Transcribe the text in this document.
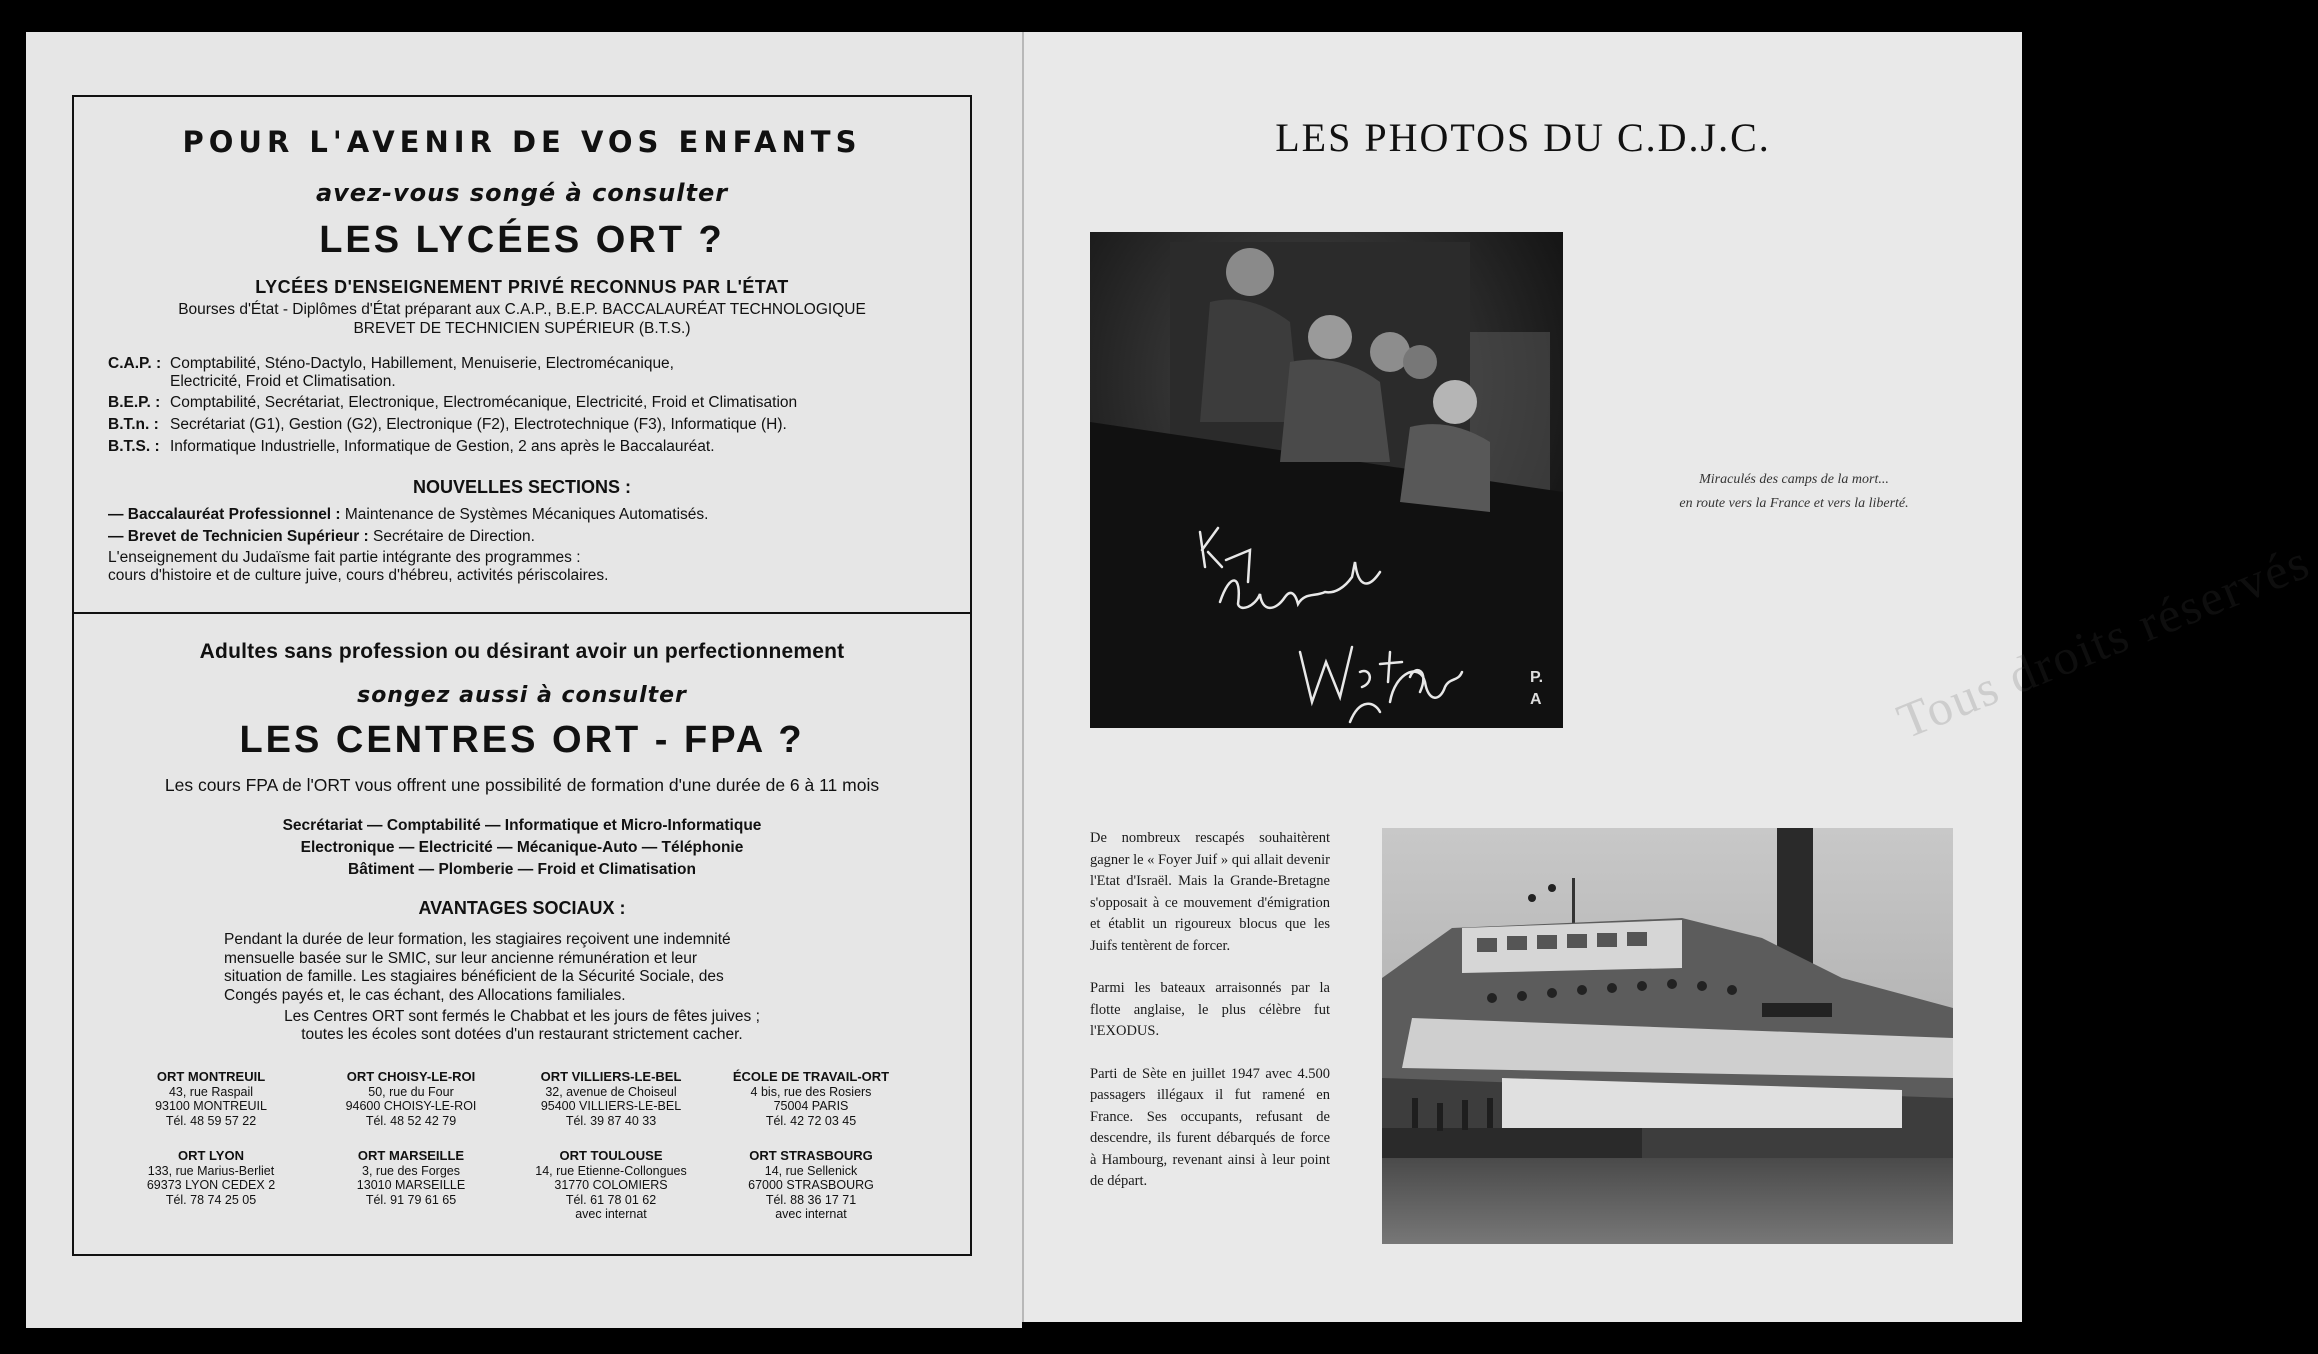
POUR L'AVENIR DE VOS ENFANTS
avez-vous songé à consulter
LES LYCÉES ORT ?
LYCÉES D'ENSEIGNEMENT PRIVÉ RECONNUS PAR L'ÉTAT
Bourses d'État - Diplômes d'État préparant aux C.A.P., B.E.P. BACCALAURÉAT TECHNOLOGIQUE
BREVET DE TECHNICIEN SUPÉRIEUR (B.T.S.)
C.A.P. : Comptabilité, Sténo-Dactylo, Habillement, Menuiserie, Electromécanique,
Electricité, Froid et Climatisation.
B.E.P. : Comptabilité, Secrétariat, Electronique, Electromécanique, Electricité, Froid et Climatisation
B.T.n. : Secrétariat (G1), Gestion (G2), Electronique (F2), Electrotechnique (F3), Informatique (H).
B.T.S. : Informatique Industrielle, Informatique de Gestion, 2 ans après le Baccalauréat.
NOUVELLES SECTIONS :
— Baccalauréat Professionnel : Maintenance de Systèmes Mécaniques Automatisés.
— Brevet de Technicien Supérieur : Secrétaire de Direction.
L'enseignement du Judaïsme fait partie intégrante des programmes :
cours d'histoire et de culture juive, cours d'hébreu, activités périscolaires.
Adultes sans profession ou désirant avoir un perfectionnement
songez aussi à consulter
LES CENTRES ORT - FPA ?
Les cours FPA de l'ORT vous offrent une possibilité de formation d'une durée de 6 à 11 mois
Secrétariat — Comptabilité — Informatique et Micro-Informatique
Electronique — Electricité — Mécanique-Auto — Téléphonie
Bâtiment — Plomberie — Froid et Climatisation
AVANTAGES SOCIAUX :
Pendant la durée de leur formation, les stagiaires reçoivent une indemnité
mensuelle basée sur le SMIC, sur leur ancienne rémunération et leur
situation de famille. Les stagiaires bénéficient de la Sécurité Sociale, des
Congés payés et, le cas échant, des Allocations familiales.
Les Centres ORT sont fermés le Chabbat et les jours de fêtes juives ;
toutes les écoles sont dotées d'un restaurant strictement cacher.
ORT MONTREUIL
43, rue Raspail
93100 MONTREUIL
Tél. 48 59 57 22
ORT CHOISY-LE-ROI
50, rue du Four
94600 CHOISY-LE-ROI
Tél. 48 52 42 79
ORT VILLIERS-LE-BEL
32, avenue de Choiseul
95400 VILLIERS-LE-BEL
Tél. 39 87 40 33
ÉCOLE DE TRAVAIL-ORT
4 bis, rue des Rosiers
75004 PARIS
Tél. 42 72 03 45
ORT LYON
133, rue Marius-Berliet
69373 LYON CEDEX 2
Tél. 78 74 25 05
ORT MARSEILLE
3, rue des Forges
13010 MARSEILLE
Tél. 91 79 61 65
ORT TOULOUSE
14, rue Etienne-Collongues
31770 COLOMIERS
Tél. 61 78 01 62
avec internat
ORT STRASBOURG
14, rue Sellenick
67000 STRASBOURG
Tél. 88 36 17 71
avec internat
LES PHOTOS DU C.D.J.C.
P.
A
Miraculés des camps de la mort...
en route vers la France et vers la liberté.

De nombreux rescapés souhaitèrent gagner le « Foyer Juif » qui allait devenir l'Etat d'Israël. Mais la Grande-Bretagne s'opposait à ce mouvement d'émigration et établit un rigoureux blocus que les Juifs tentèrent de forcer.

Parmi les bateaux arraisonnés par la flotte anglaise, le plus célèbre fut l'EXODUS.

Parti de Sète en juillet 1947 avec 4.500 passagers illégaux il fut ramené en France. Ses occupants, refusant de descendre, ils furent débarqués de force à Hambourg, revenant ainsi à leur point de départ.

Tous droits réservés
